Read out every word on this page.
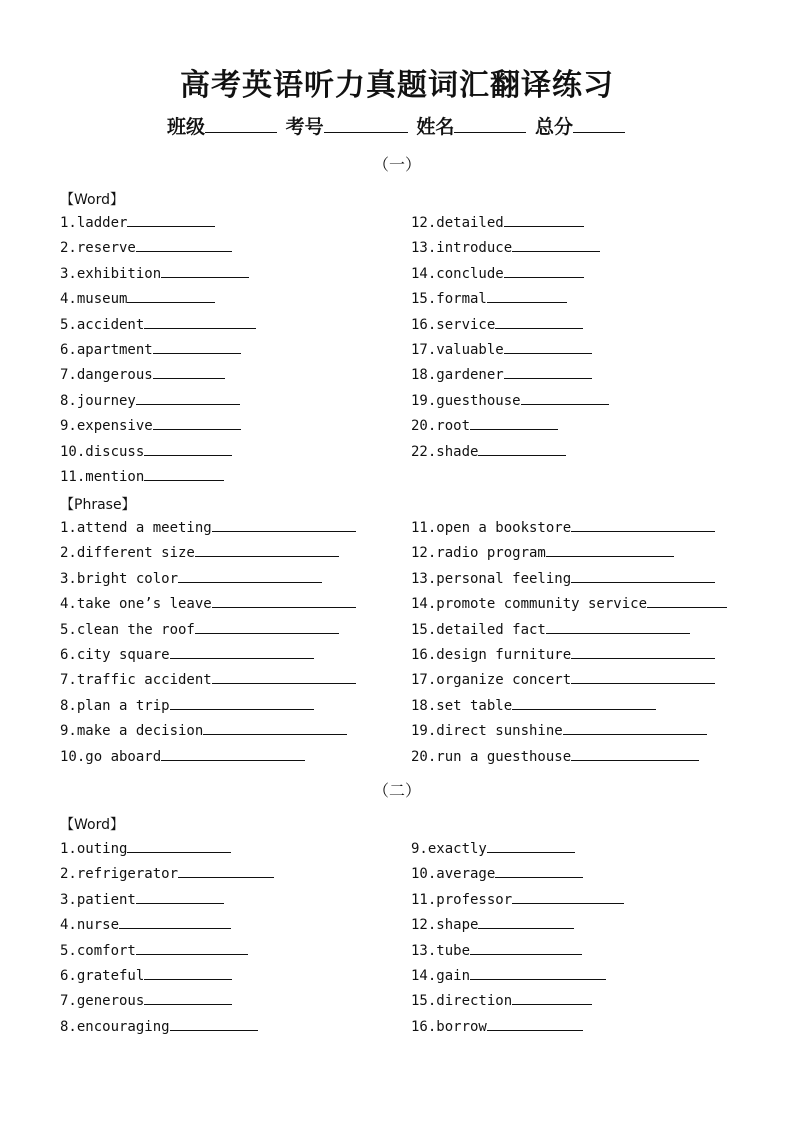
高考英语听力真题词汇翻译练习
班级	考号	姓名	总分
（一）
【Word】
1.ladder
2.reserve
3.exhibition
4.museum
5.accident
6.apartment
7.dangerous
8.journey
9.expensive
10.discuss
11.mention
12.detailed
13.introduce
14.conclude
15.formal
16.service
17.valuable
18.gardener
19.guesthouse
20.root
22.shade
【Phrase】
1.attend a meeting
2.different size
3.bright color
4.take one’s leave
5.clean the roof
6.city square
7.traffic accident
8.plan a trip
9.make a decision
10.go aboard
11.open a bookstore
12.radio program
13.personal feeling
14.promote community service
15.detailed fact
16.design furniture
17.organize concert
18.set table
19.direct sunshine
20.run a guesthouse
（二）
【Word】
1.outing
2.refrigerator
3.patient
4.nurse
5.comfort
6.grateful
7.generous
8.encouraging
9.exactly
10.average
11.professor
12.shape
13.tube
14.gain
15.direction
16.borrow
